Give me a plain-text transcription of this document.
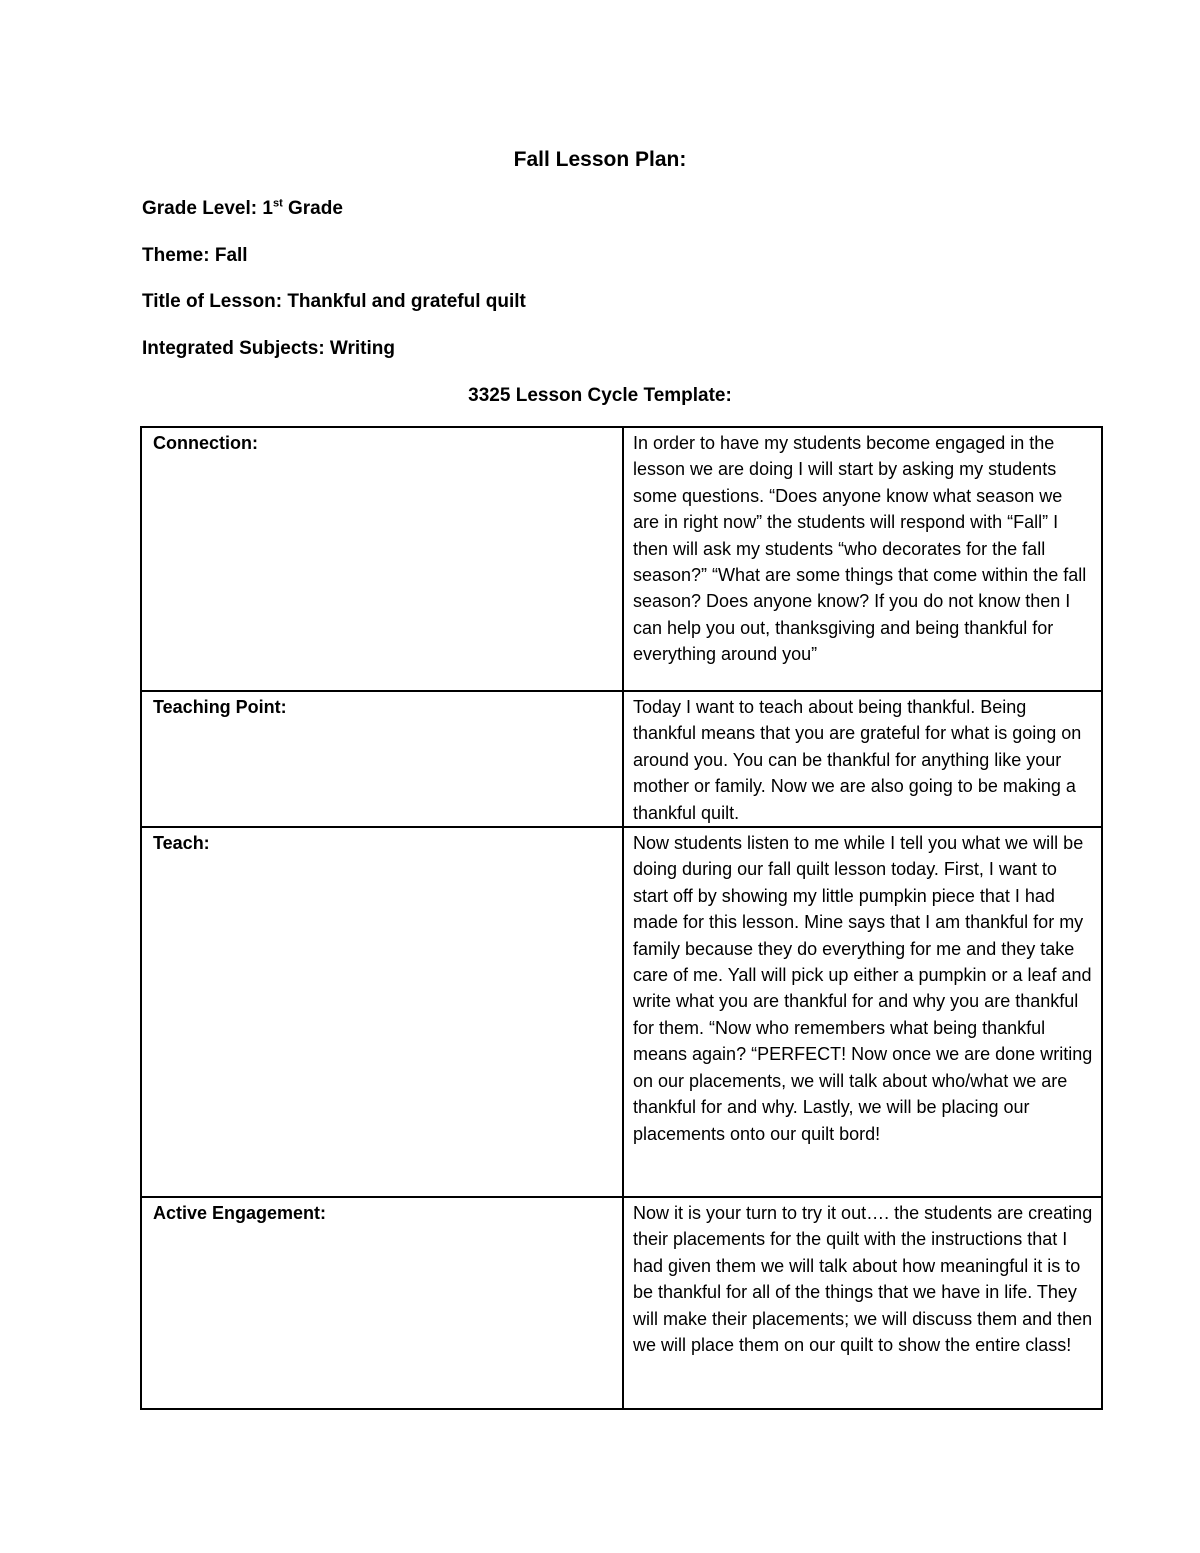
Fall Lesson Plan:
Grade Level: 1st Grade
Theme: Fall
Title of Lesson: Thankful and grateful quilt
Integrated Subjects: Writing
3325 Lesson Cycle Template:
Connection:	In order to have my students become engaged in the lesson we are doing I will start by asking my students some questions. “Does anyone know what season we are in right now” the students will respond with “Fall” I then will ask my students “who decorates for the fall season?” “What are some things that come within the fall season? Does anyone know? If you do not know then I can help you out, thanksgiving and being thankful for everything around you”
Teaching Point:	Today I want to teach about being thankful. Being thankful means that you are grateful for what is going on around you. You can be thankful for anything like your mother or family. Now we are also going to be making a thankful quilt.
Teach:	Now students listen to me while I tell you what we will be doing during our fall quilt lesson today. First, I want to start off by showing my little pumpkin piece that I had made for this lesson. Mine says that I am thankful for my family because they do everything for me and they take care of me. Yall will pick up either a pumpkin or a leaf and write what you are thankful for and why you are thankful for them. “Now who remembers what being thankful means again? “PERFECT! Now once we are done writing on our placements, we will talk about who/what we are thankful for and why. Lastly, we will be placing our placements onto our quilt bord!
Active Engagement:	Now it is your turn to try it out…. the students are creating their placements for the quilt with the instructions that I had given them we will talk about how meaningful it is to be thankful for all of the things that we have in life. They will make their placements; we will discuss them and then we will place them on our quilt to show the entire class!
